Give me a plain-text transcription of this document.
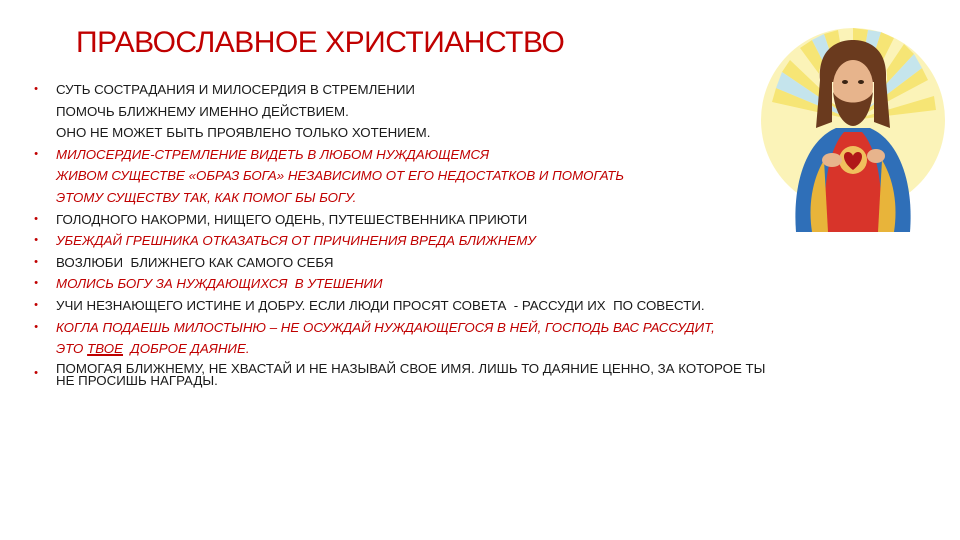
ПРАВОСЛАВНОЕ ХРИСТИАНСТВО
•	СУТЬ СОСТРАДАНИЯ И МИЛОСЕРДИЯ В СТРЕМЛЕНИИ
ПОМОЧЬ БЛИЖНЕМУ ИМЕННО ДЕЙСТВИЕМ.
ОНО НЕ МОЖЕТ БЫТЬ ПРОЯВЛЕНО ТОЛЬКО ХОТЕНИЕМ.
•	МИЛОСЕРДИЕ-СТРЕМЛЕНИЕ ВИДЕТЬ В ЛЮБОМ НУЖДАЮЩЕМСЯ
ЖИВОМ СУЩЕСТВЕ «ОБРАЗ БОГА» НЕЗАВИСИМО ОТ ЕГО НЕДОСТАТКОВ И ПОМОГАТЬ
ЭТОМУ СУЩЕСТВУ ТАК, КАК ПОМОГ БЫ БОГУ.
•	ГОЛОДНОГО НАКОРМИ, НИЩЕГО ОДЕНЬ, ПУТЕШЕСТВЕННИКА ПРИЮТИ
•	УБЕЖДАЙ ГРЕШНИКА ОТКАЗАТЬСЯ ОТ ПРИЧИНЕНИЯ ВРЕДА БЛИЖНЕМУ
•	ВОЗЛЮБИ  БЛИЖНЕГО КАК САМОГО СЕБЯ
•	МОЛИСЬ БОГУ ЗА НУЖДАЮЩИХСЯ  В УТЕШЕНИИ
•	УЧИ НЕЗНАЮЩЕГО ИСТИНЕ И ДОБРУ. ЕСЛИ ЛЮДИ ПРОСЯТ СОВЕТА  - РАССУДИ ИХ  ПО СОВЕСТИ.
•	КОГЛА ПОДАЕШЬ МИЛОСТЫНЮ – НЕ ОСУЖДАЙ НУЖДАЮЩЕГОСЯ В НЕЙ, ГОСПОДЬ ВАС РАССУДИТ,
ЭТО ТВОЕ  ДОБРОЕ ДАЯНИЕ.
•	ПОМОГАЯ БЛИЖНЕМУ, НЕ ХВАСТАЙ И НЕ НАЗЫВАЙ СВОЕ ИМЯ. ЛИШЬ ТО ДАЯНИЕ ЦЕННО, ЗА КОТОРОЕ ТЫ
НЕ ПРОСИШЬ НАГРАДЫ.
